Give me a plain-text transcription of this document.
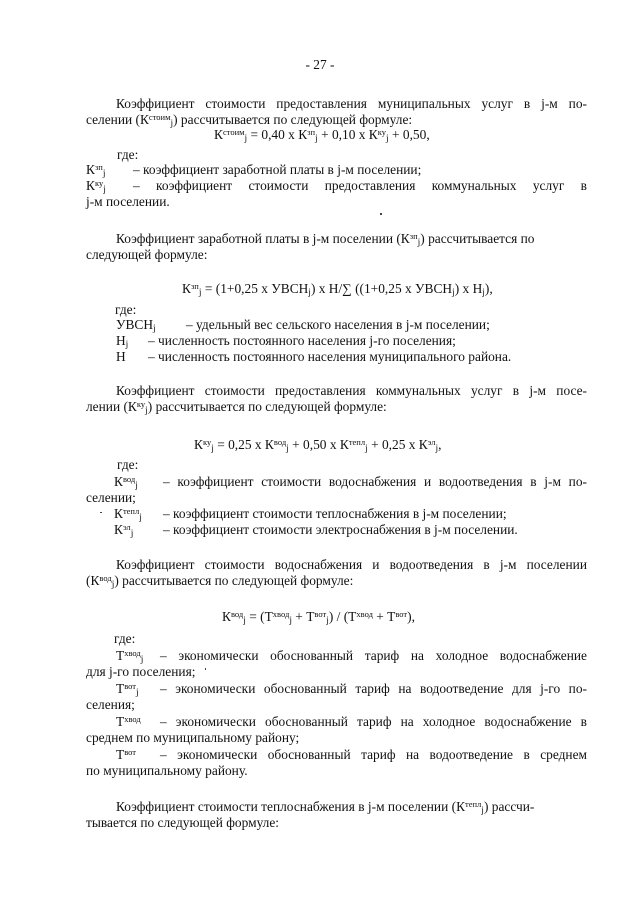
- 27 -
Коэффициент стоимости предоставления муниципальных услуг в j-м по-
селении $(К^{стоим}_j)$ рассчитывается по следующей формуле:
$К^{стоим}_j = 0,40$ x $К^{зп}_j + 0,10$ x $К^{ку}_j + 0,50$,
где:
$К^{зп}_j$ – коэффициент заработной платы в j-м поселении;
$К^{ку}_j$ – коэффициент стоимости предоставления коммунальных услуг в
j-м поселении.
Коэффициент заработной платы в j-м поселении $(К^{зп}_j)$ рассчитывается по
следующей формуле:
$К^{зп}_j = (1+0,25$ x $УВСН_j$) x Н/∑ ((1+0,25 x $УВСН_j$) x $Н_j$),
где:
$УВСН_j$ – удельный вес сельского населения в j-м поселении;
$Н_j$ – численность постоянного населения j-го поселения;
Н – численность постоянного населения муниципального района.
Коэффициент стоимости предоставления коммунальных услуг в j-м посе-
лении $(К^{ку}_j)$ рассчитывается по следующей формуле:
$К^{ку}_j = 0,25$ x $К^{вод}_j + 0,50$ x $К^{тепл}_j + 0,25$ x $К^{эл}_j$,
где:
$К^{вод}_j$ – коэффициент стоимости водоснабжения и водоотведения в j-м по-
селении;
$К^{тепл}_j$ – коэффициент стоимости теплоснабжения в j-м поселении;
$К^{эл}_j$ – коэффициент стоимости электроснабжения в j-м поселении.
Коэффициент стоимости водоснабжения и водоотведения в j-м поселении
$(К^{вод}_j)$ рассчитывается по следующей формуле:
$К^{вод}_j = (Т^{хвод}_j + Т^{вот}_j) / (Т^{хвод} + Т^{вот})$,
где:
$Т^{хвод}_j$ – экономически обоснованный тариф на холодное водоснабжение
для j-го поселения;
$Т^{вот}_j$ – экономически обоснованный тариф на водоотведение для j-го по-
селения;
$Т^{хвод}$ – экономически обоснованный тариф на холодное водоснабжение в
среднем по муниципальному району;
$Т^{вот}$ – экономически обоснованный тариф на водоотведение в среднем
по муниципальному району.
Коэффициент стоимости теплоснабжения в j-м поселении $(К^{тепл}_j)$ рассчи-
тывается по следующей формуле:
